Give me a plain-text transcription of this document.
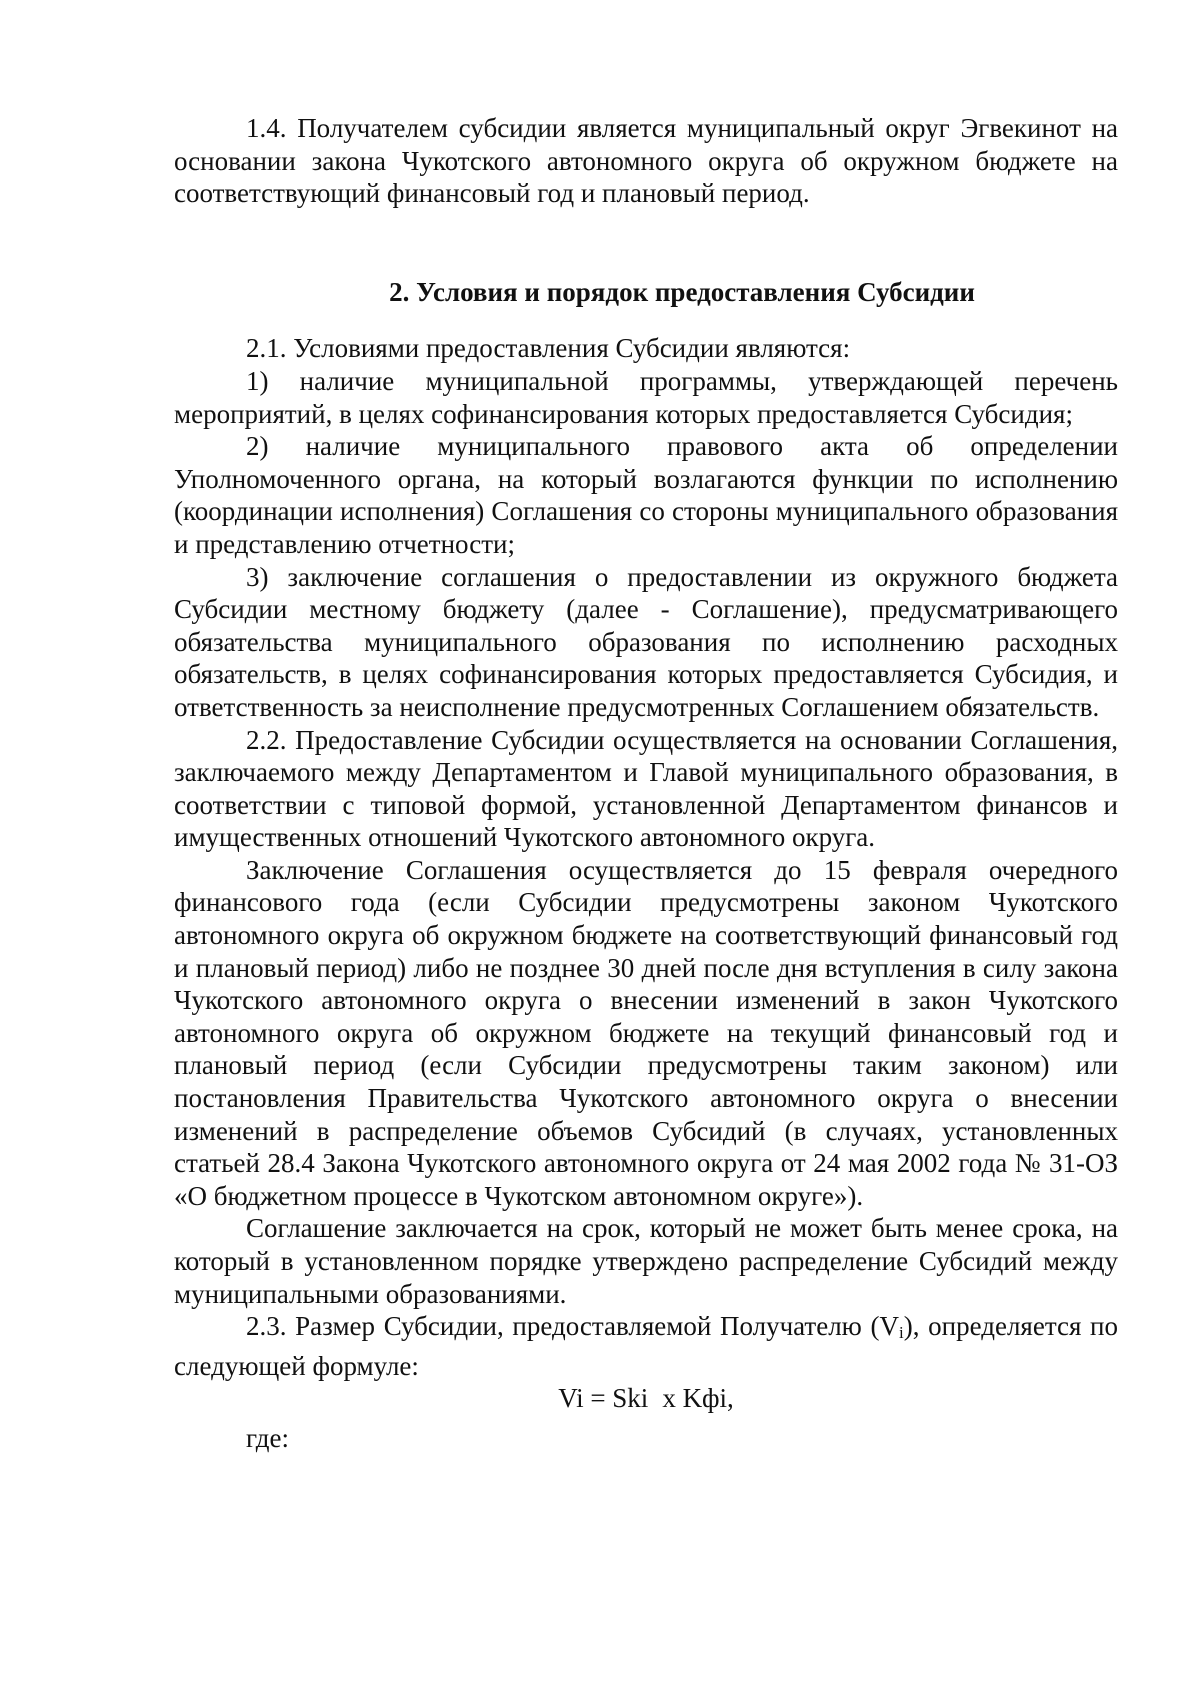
1.4. Получателем субсидии является муниципальный округ Эгвекинот на основании закона Чукотского автономного округа об окружном бюджете на соответствующий финансовый год и плановый период.

2. Условия и порядок предоставления Субсидии

2.1. Условиями предоставления Субсидии являются:

1) наличие муниципальной программы, утверждающей перечень мероприятий, в целях софинансирования которых предоставляется Субсидия;

2) наличие муниципального правового акта об определении Уполномоченного органа, на который возлагаются функции по исполнению (координации исполнения) Соглашения со стороны муниципального образования и представлению отчетности;

3) заключение соглашения о предоставлении из окружного бюджета Субсидии местному бюджету (далее - Соглашение), предусматривающего обязательства муниципального образования по исполнению расходных обязательств, в целях софинансирования которых предоставляется Субсидия, и ответственность за неисполнение предусмотренных Соглашением обязательств.

2.2. Предоставление Субсидии осуществляется на основании Соглашения, заключаемого между Департаментом и Главой муниципального образования, в соответствии с типовой формой, установленной Департаментом финансов и имущественных отношений Чукотского автономного округа.

Заключение Соглашения осуществляется до 15 февраля очередного финансового года (если Субсидии предусмотрены законом Чукотского автономного округа об окружном бюджете на соответствующий финансовый год и плановый период) либо не позднее 30 дней после дня вступления в силу закона Чукотского автономного округа о внесении изменений в закон Чукотского автономного округа об окружном бюджете на текущий финансовый год и плановый период (если Субсидии предусмотрены таким законом) или постановления Правительства Чукотского автономного округа о внесении изменений в распределение объемов Субсидий (в случаях, установленных статьей 28.4 Закона Чукотского автономного округа от 24 мая 2002 года № 31-ОЗ «О бюджетном процессе в Чукотском автономном округе»).

Соглашение заключается на срок, который не может быть менее срока, на который в установленном порядке утверждено распределение Субсидий между муниципальными образованиями.

2.3. Размер Субсидии, предоставляемой Получателю $(V_i)$, определяется по следующей формуле:

Vi = Ski x Kфi,

где:
